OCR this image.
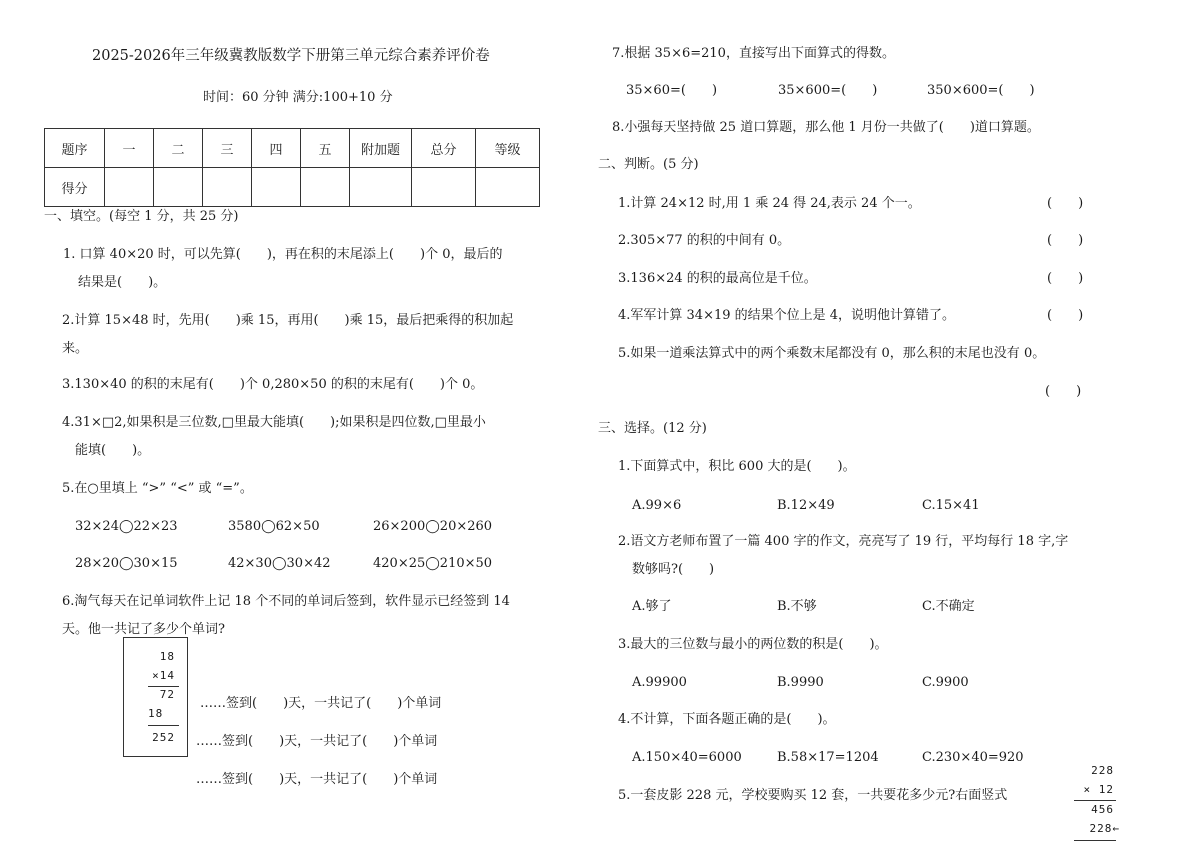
2025-2026年三年级冀教版数学下册第三单元综合素养评价卷
时间：60 分钟 满分:100+10 分
题序	一	二	三	四	五	附加题	总分	等级
得分								
一、填空。(每空 1 分，共 25 分)
1. 口算 40×20 时，可以先算(　　)，再在积的末尾添上(　　)个 0，最后的
结果是(　　)。
2.计算 15×48 时，先用(　　)乘 15，再用(　　)乘 15，最后把乘得的积加起
来。
3.130×40 的积的末尾有(　　)个 0,280×50 的积的末尾有(　　)个 0。
4.31×□2,如果积是三位数,□里最大能填(　　);如果积是四位数,□里最小
能填(　　)。
5.在○里填上 “>” “<” 或 “=”。
32×24◯22×23	3580◯62×50	26×200◯20×260
28×20◯30×15	42×30◯30×42	420×25◯210×50
6.淘气每天在记单词软件上记 18 个不同的单词后签到，软件显示已经签到 14
天。他一共记了多少个单词?
18
×14
72
18
252
……签到(　　)天，一共记了(　　)个单词
……签到(　　)天，一共记了(　　)个单词
……签到(　　)天，一共记了(　　)个单词
7.根据 35×6=210，直接写出下面算式的得数。
35×60=(　　)	35×600=(　　)	350×600=(　　)
8.小强每天坚持做 25 道口算题，那么他 1 月份一共做了(　　)道口算题。
二、判断。(5 分)
1.计算 24×12 时,用 1 乘 24 得 24,表示 24 个一。	(　　)
2.305×77 的积的中间有 0。	(　　)
3.136×24 的积的最高位是千位。	(　　)
4.军军计算 34×19 的结果个位上是 4，说明他计算错了。	(　　)
5.如果一道乘法算式中的两个乘数末尾都没有 0，那么积的末尾也没有 0。
(　　)
三、选择。(12 分)
1.下面算式中，积比 600 大的是(　　)。
A.99×6	B.12×49	C.15×41
2.语文方老师布置了一篇 400 字的作文，亮亮写了 19 行，平均每行 18 字,字
数够吗?(　　)
A.够了	B.不够	C.不确定
3.最大的三位数与最小的两位数的积是(　　)。
A.99900	B.9990	C.9900
4.不计算，下面各题正确的是(　　)。
A.150×40=6000	B.58×17=1204	C.230×40=920
5.一套皮影 228 元，学校要购买 12 套，一共要花多少元?右面竖式
228
× 12
456
228←
